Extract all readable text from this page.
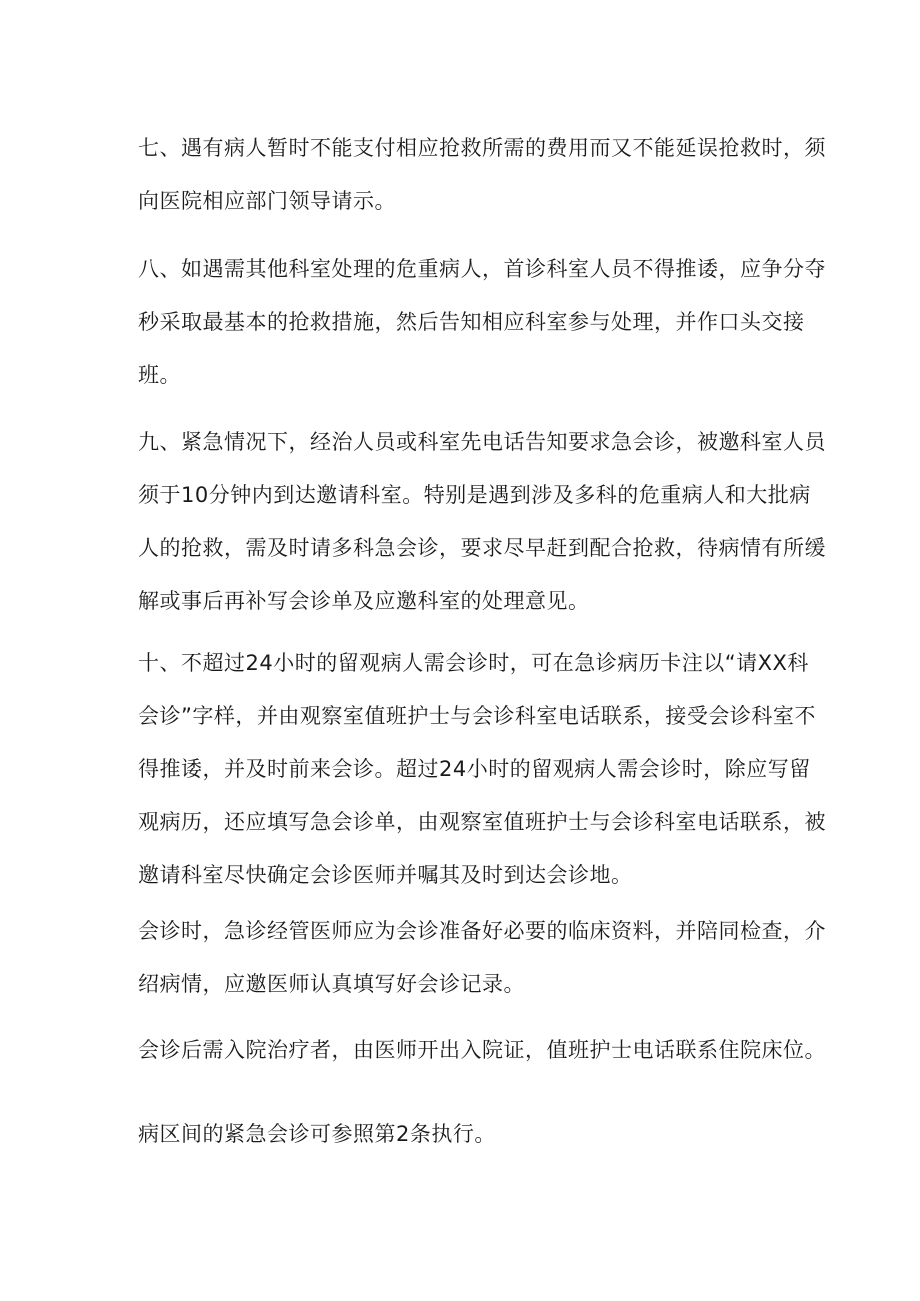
七、遇有病人暂时不能支付相应抢救所需的费用而又不能延误抢救时，须
向医院相应部门领导请示。
八、如遇需其他科室处理的危重病人，首诊科室人员不得推诿，应争分夺
秒采取最基本的抢救措施，然后告知相应科室参与处理，并作口头交接
班。
九、紧急情况下，经治人员或科室先电话告知要求急会诊，被邀科室人员
须于10分钟内到达邀请科室。特别是遇到涉及多科的危重病人和大批病
人的抢救，需及时请多科急会诊，要求尽早赶到配合抢救，待病情有所缓
解或事后再补写会诊单及应邀科室的处理意见。
十、不超过24小时的留观病人需会诊时，可在急诊病历卡注以“请XX科
会诊”字样，并由观察室值班护士与会诊科室电话联系，接受会诊科室不
得推诿，并及时前来会诊。超过24小时的留观病人需会诊时，除应写留
观病历，还应填写急会诊单，由观察室值班护士与会诊科室电话联系，被
邀请科室尽快确定会诊医师并嘱其及时到达会诊地。
会诊时，急诊经管医师应为会诊准备好必要的临床资料，并陪同检查，介
绍病情，应邀医师认真填写好会诊记录。
会诊后需入院治疗者，由医师开出入院证，值班护士电话联系住院床位。
病区间的紧急会诊可参照第2条执行。
